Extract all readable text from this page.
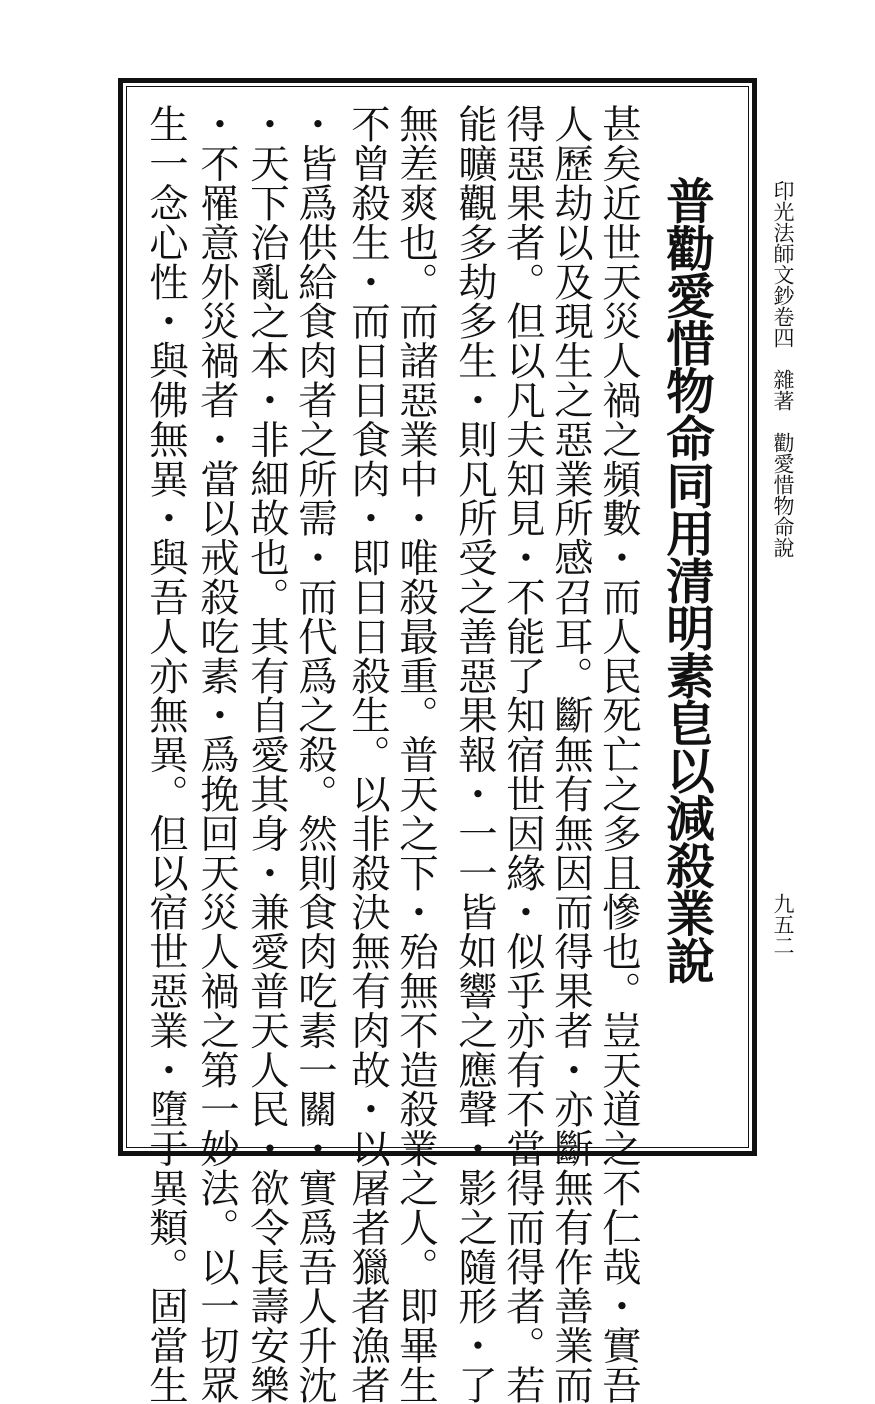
印光法師文鈔卷四　雜著　勸愛惜物命說
九五二
普勸愛惜物命同用清明素皀以減殺業說
甚矣近世天災人禍之頻數・而人民死亡之多且慘也。豈天道之不仁哉・實吾
人歷劫以及現生之惡業所感召耳。斷無有無因而得果者・亦斷無有作善業而
得惡果者。但以凡夫知見・不能了知宿世因緣・似乎亦有不當得而得者。若
能曠觀多劫多生・則凡所受之善惡果報・一一皆如響之應聲・影之隨形・了
無差爽也。而諸惡業中・唯殺最重。普天之下・殆無不造殺業之人。即畢生
不曾殺生・而日日食肉・即日日殺生。以非殺決無有肉故・以屠者獵者漁者
・皆爲供給食肉者之所需・而代爲之殺。然則食肉吃素一關・實爲吾人升沈
・天下治亂之本・非細故也。其有自愛其身・兼愛普天人民・欲令長壽安樂
・不罹意外災禍者・當以戒殺吃素・爲挽回天災人禍之第一妙法。以一切眾
生一念心性・與佛無異・與吾人亦無異。但以宿世惡業・墮于異類。固當生
